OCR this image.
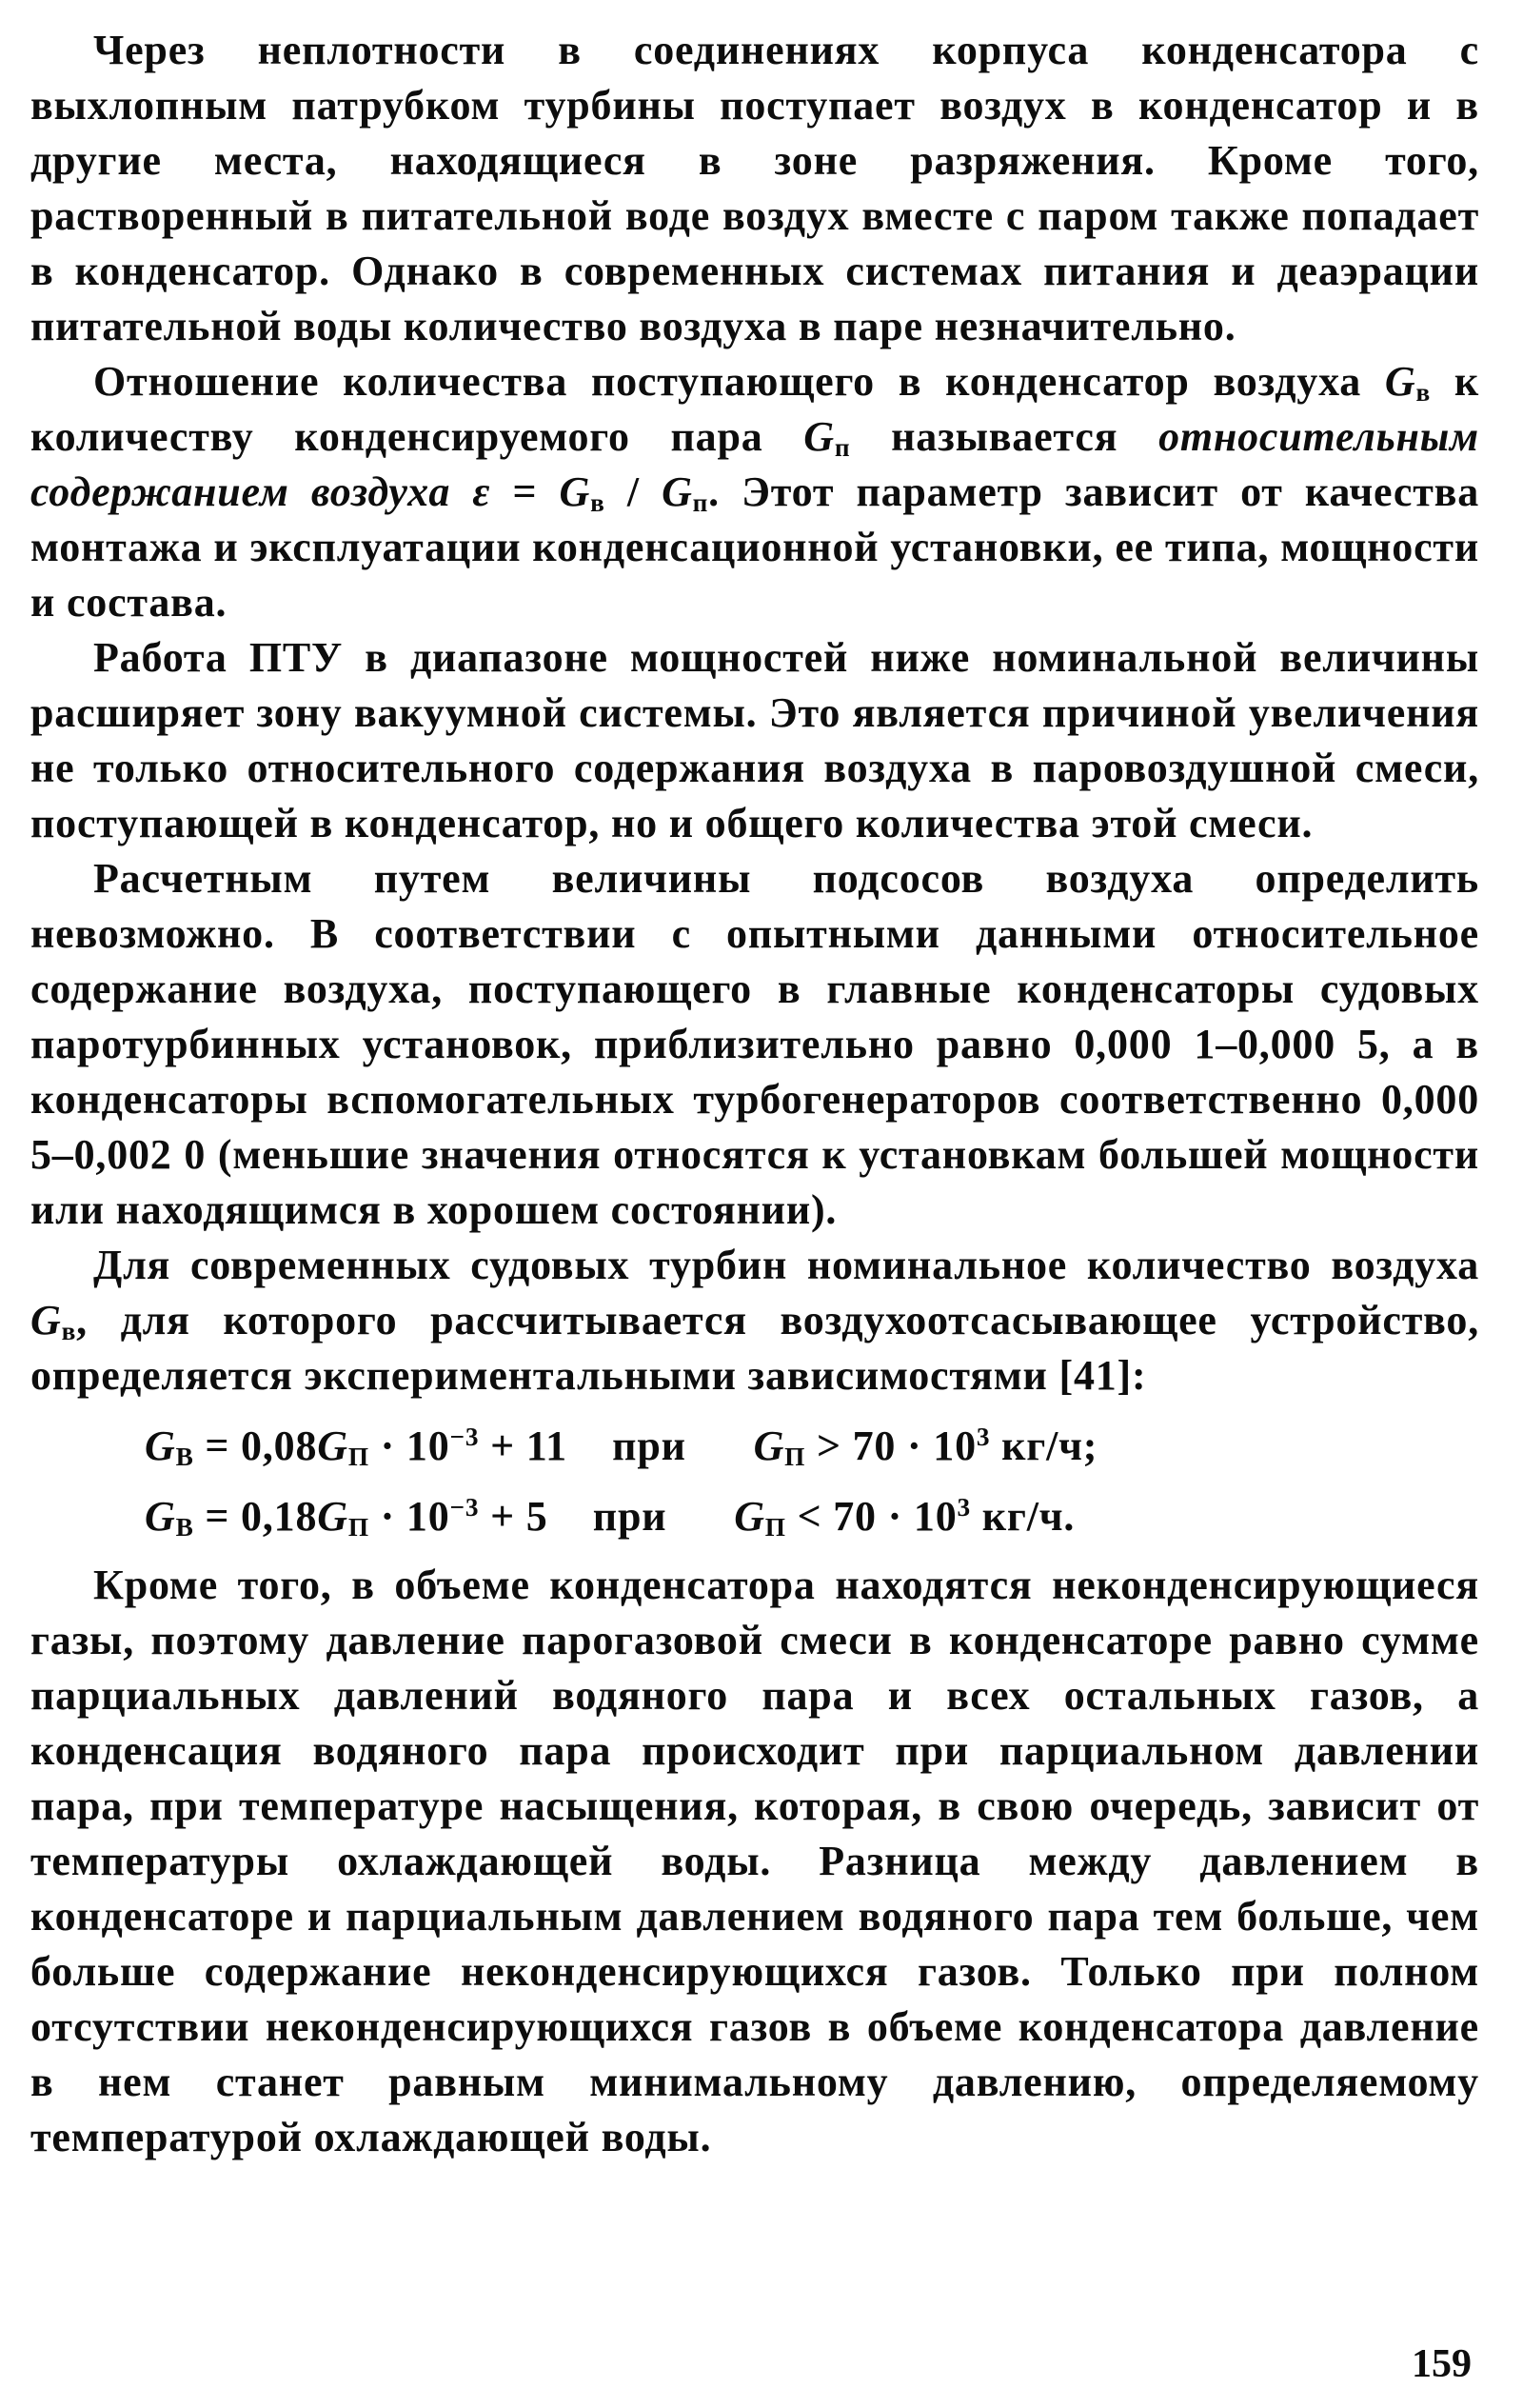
Через неплотности в соединениях корпуса конденсатора с выхлопным патрубком турбины поступает воздух в конденсатор и в другие места, находящиеся в зоне разряжения. Кроме того, растворенный в питательной воде воздух вместе с паром также попадает в конденсатор. Однако в современных системах питания и деаэрации питательной воды количество воздуха в паре незначительно.

Отношение количества поступающего в конденсатор воздуха $G_в$ к количеству конденсируемого пара $G_п$ называется относительным содержанием воздуха $\varepsilon = G_в / G_п$. Этот параметр зависит от качества монтажа и эксплуатации конденсационной установки, ее типа, мощности и состава.

Работа ПТУ в диапазоне мощностей ниже номинальной величины расширяет зону вакуумной системы. Это является причиной увеличения не только относительного содержания воздуха в паровоздушной смеси, поступающей в конденсатор, но и общего количества этой смеси.

Расчетным путем величины подсосов воздуха определить невозможно. В соответствии с опытными данными относительное содержание воздуха, поступающего в главные конденсаторы судовых паротурбинных установок, приблизительно равно 0,000 1–0,000 5, а в конденсаторы вспомогательных турбогенераторов соответственно 0,000 5–0,002 0 (меньшие значения относятся к установкам большей мощности или находящимся в хорошем состоянии).

Для современных судовых турбин номинальное количество воздуха $G_в$, для которого рассчитывается воздухоотсасывающее устройство, определяется экспериментальными зависимостями [41]:

$G_В = 0,08G_П \cdot 10^{-3} + 11$    при      $G_П > 70 \cdot 10^3$ кг/ч;

$G_В = 0,18G_П \cdot 10^{-3} + 5$    при      $G_П < 70 \cdot 10^3$ кг/ч.

Кроме того, в объеме конденсатора находятся неконденсирующиеся газы, поэтому давление парогазовой смеси в конденсаторе равно сумме парциальных давлений водяного пара и всех остальных газов, а конденсация водяного пара происходит при парциальном давлении пара, при температуре насыщения, которая, в свою очередь, зависит от температуры охлаждающей воды. Разница между давлением в конденсаторе и парциальным давлением водяного пара тем больше, чем больше содержание неконденсирующихся газов. Только при полном отсутствии неконденсирующихся газов в объеме конденсатора давление в нем станет равным минимальному давлению, определяемому температурой охлаждающей воды.

159
